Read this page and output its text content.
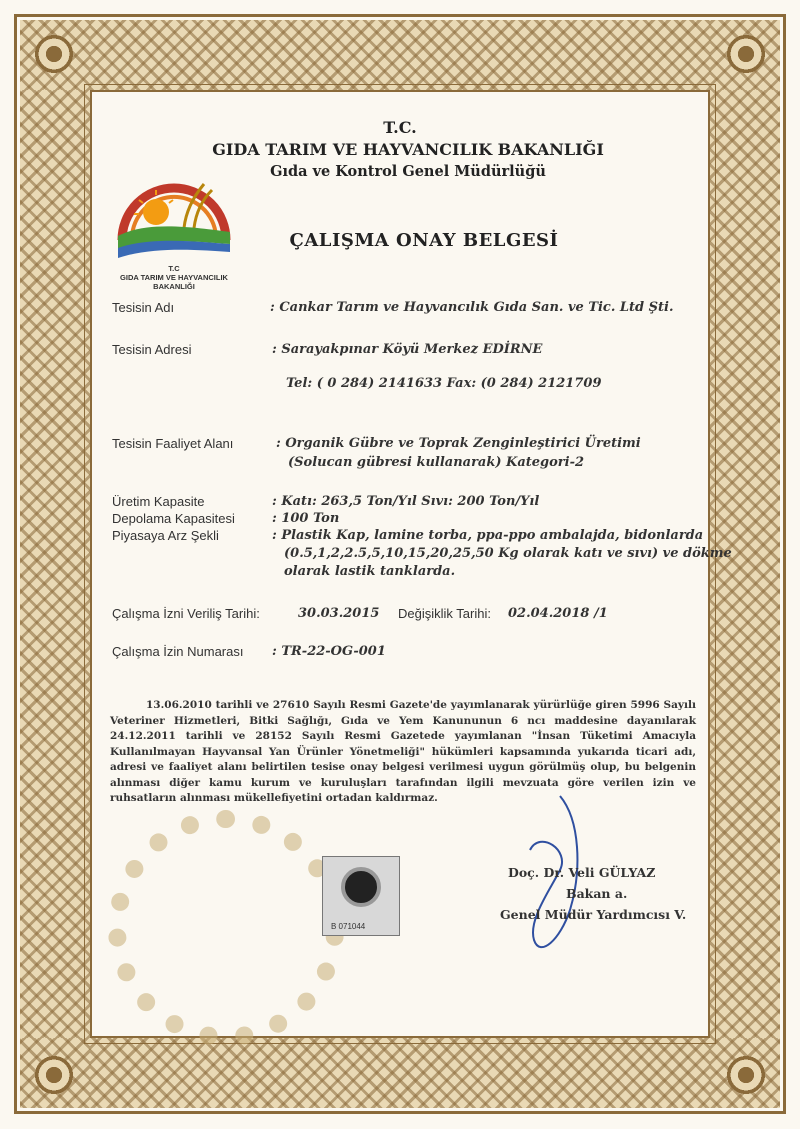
T.C
GIDA TARIM VE HAYVANCILIK
BAKANLIĞI
T.C.
GIDA TARIM VE HAYVANCILIK BAKANLIĞI
Gıda ve Kontrol Genel Müdürlüğü
ÇALIŞMA ONAY BELGESİ
Tesisin Adı	: Cankar Tarım ve Hayvancılık Gıda San. ve Tic. Ltd Şti.
Tesisin Adresi	: Sarayakpınar Köyü Merkez EDİRNE
Tel: ( 0 284) 2141633 Fax: (0 284) 2121709
Tesisin Faaliyet Alanı	: Organik Gübre ve Toprak Zenginleştirici Üretimi
(Solucan gübresi kullanarak) Kategori-2
Üretim Kapasite	: Katı: 263,5 Ton/Yıl Sıvı: 200 Ton/Yıl
Depolama Kapasitesi	: 100 Ton
Piyasaya Arz Şekli	: Plastik Kap, lamine torba, ppa-ppo ambalajda, bidonlarda
(0.5,1,2,2.5,5,10,15,20,25,50 Kg olarak katı ve sıvı) ve dökme
olarak lastik tanklarda.
Çalışma İzni Veriliş Tarihi:	30.03.2015 Değişiklik Tarihi: 02.04.2018 /1
Çalışma İzin Numarası : TR-22-OG-001
13.06.2010 tarihli ve 27610 Sayılı Resmi Gazete'de yayımlanarak yürürlüğe giren 5996 Sayılı Veteriner Hizmetleri, Bitki Sağlığı, Gıda ve Yem Kanununun 6 ncı maddesine dayanılarak 24.12.2011 tarihli ve 28152 Sayılı Resmi Gazetede yayımlanan "İnsan Tüketimi Amacıyla Kullanılmayan Hayvansal Yan Ürünler Yönetmeliği" hükümleri kapsamında yukarıda ticari adı, adresi ve faaliyet alanı belirtilen tesise onay belgesi verilmesi uygun görülmüş olup, bu belgenin alınması diğer kamu kurum ve kuruluşları tarafından ilgili mevzuata göre verilen izin ve ruhsatların alınması mükellefiyetini ortadan kaldırmaz.
B 071044
Doç. Dr. Veli GÜLYAZ
Bakan a.
Genel Müdür Yardımcısı V.
